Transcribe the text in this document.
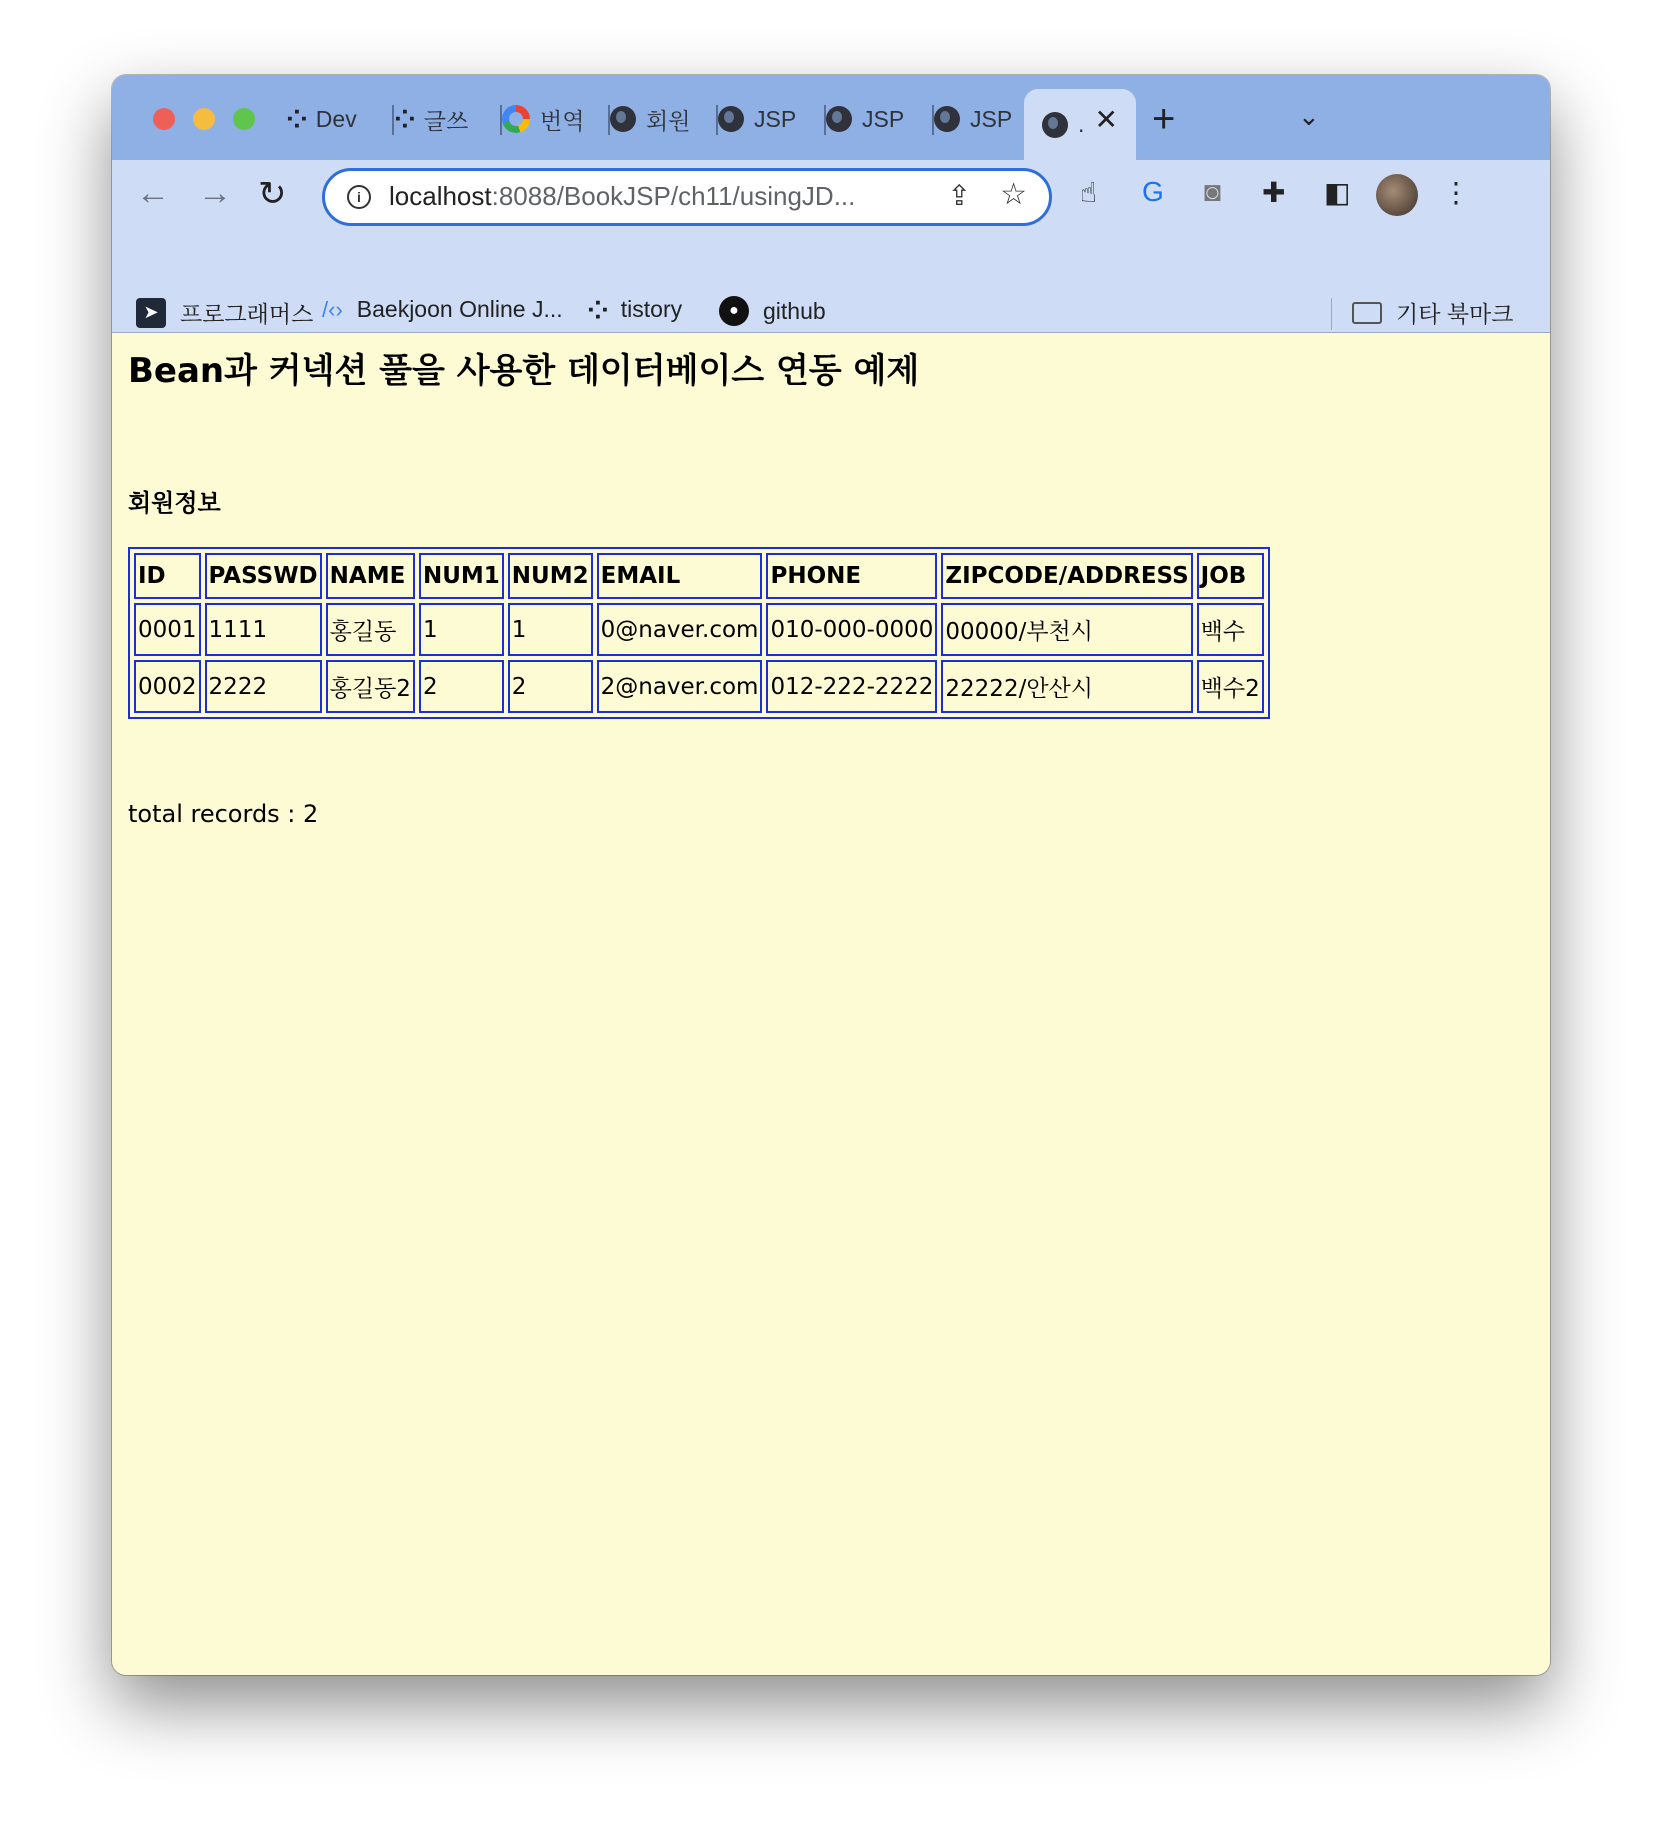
⁘ Dev ⁘ 글쓰	번역	회원	JSP	JSP	JSP	. ✕ +	⌄
← → ↻	i	localhost:8088/BookJSP/ch11/usingJD...	⇪ ☆ ☝ G ◙ ✚ ◧	⋮
➤ 프로그래머스 /‹› Baekjoon Online J... ⁘ tistory	●	github	기타 북마크
Bean과 커넥션 풀을 사용한 데이터베이스 연동 예제
회원정보
ID	PASSWD	NAME	NUM1	NUM2	EMAIL	PHONE	ZIPCODE/ADDRESS	JOB
0001	1111	홍길동	1	1	0@naver.com	010-000-0000	00000/부천시	백수
0002	2222	홍길동2	2	2	2@naver.com	012-222-2222	22222/안산시	백수2
total records : 2
